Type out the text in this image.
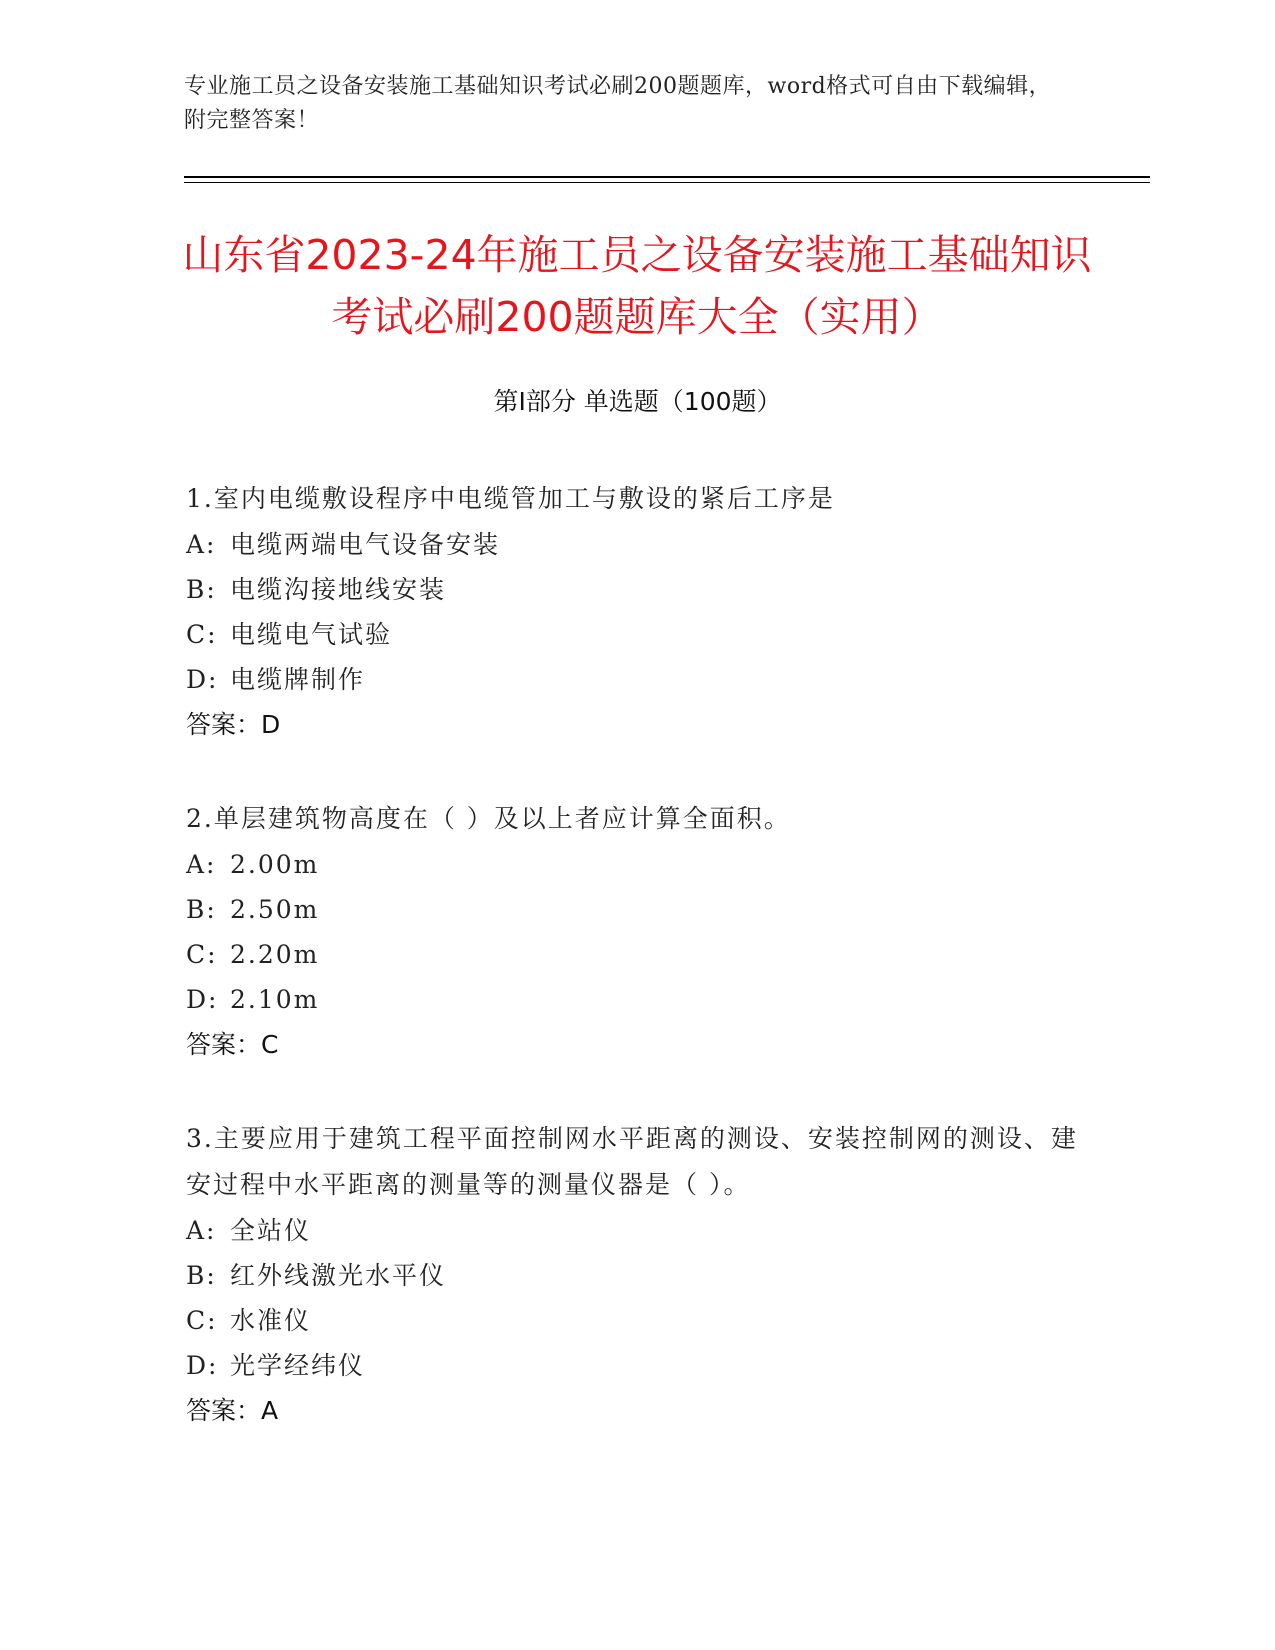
专业施工员之设备安装施工基础知识考试必刷200题题库，word格式可自由下载编辑，附完整答案！
山东省2023-24年施工员之设备安装施工基础知识考试必刷200题题库大全（实用）
第Ⅰ部分 单选题（100题）
1.室内电缆敷设程序中电缆管加工与敷设的紧后工序是
A: 电缆两端电气设备安装
B: 电缆沟接地线安装
C: 电缆电气试验
D: 电缆牌制作
答案：D
2.单层建筑物高度在（ ）及以上者应计算全面积。
A: 2.00m
B: 2.50m
C: 2.20m
D: 2.10m
答案：C
3.主要应用于建筑工程平面控制网水平距离的测设、安装控制网的测设、建安过程中水平距离的测量等的测量仪器是（ ）。
A: 全站仪
B: 红外线激光水平仪
C: 水准仪
D: 光学经纬仪
答案：A
